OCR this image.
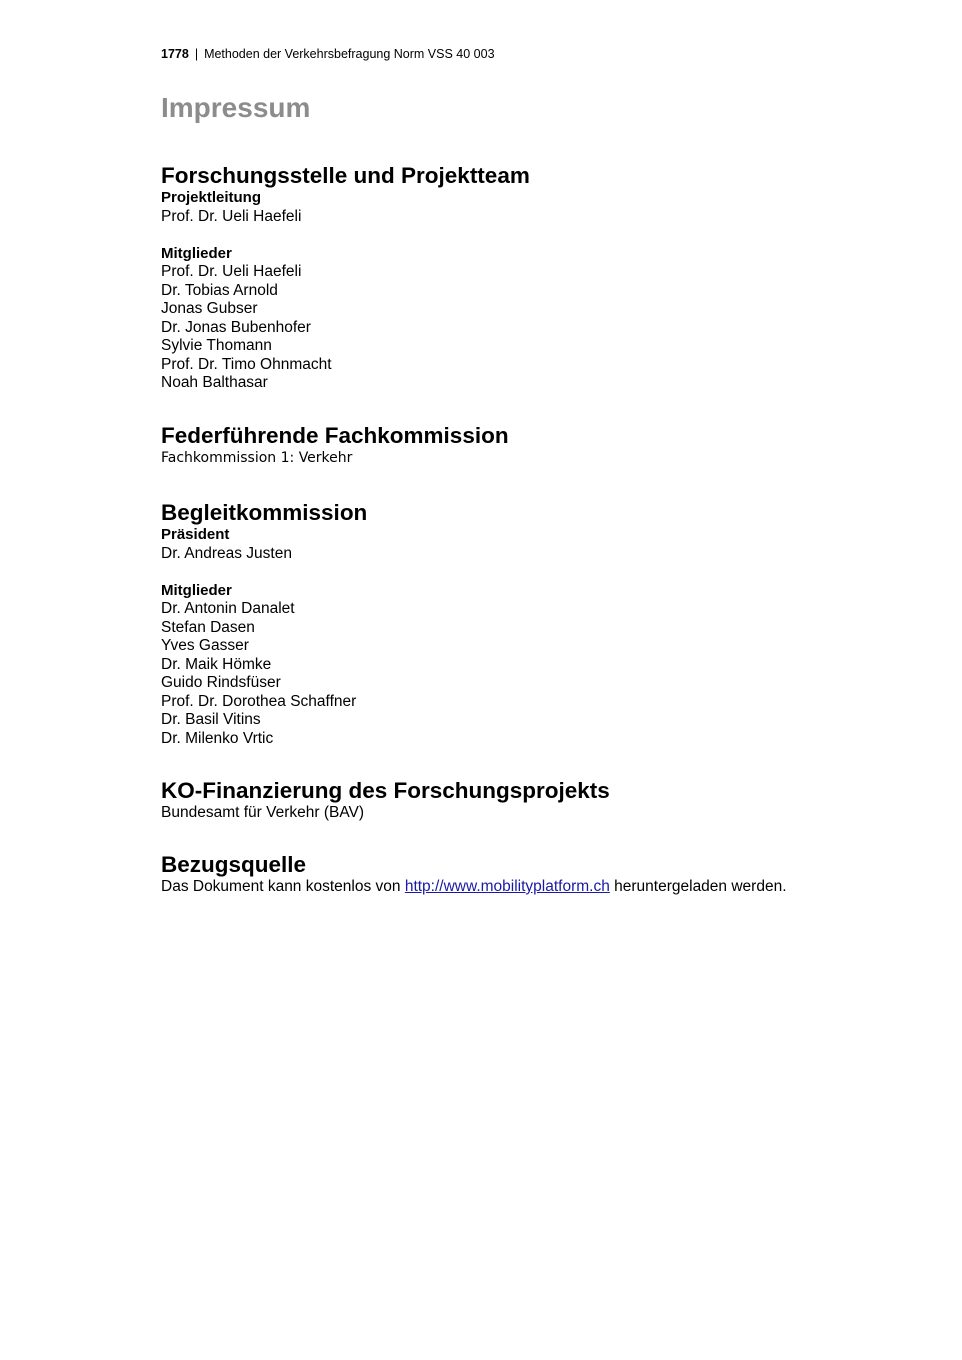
1778 | Methoden der Verkehrsbefragung Norm VSS 40 003
Impressum
Forschungsstelle und Projektteam

Projektleitung

Prof. Dr. Ueli Haefeli

Mitglieder

Prof. Dr. Ueli Haefeli

Dr. Tobias Arnold

Jonas Gubser

Dr. Jonas Bubenhofer

Sylvie Thomann

Prof. Dr. Timo Ohnmacht

Noah Balthasar

Federführende Fachkommission

Fachkommission 1: Verkehr

Begleitkommission

Präsident

Dr. Andreas Justen

Mitglieder

Dr. Antonin Danalet

Stefan Dasen

Yves Gasser

Dr. Maik Hömke

Guido Rindsfüser

Prof. Dr. Dorothea Schaffner

Dr. Basil Vitins

Dr. Milenko Vrtic

KO-Finanzierung des Forschungsprojekts

Bundesamt für Verkehr (BAV)

Bezugsquelle

Das Dokument kann kostenlos von http://www.mobilityplatform.ch heruntergeladen werden.
